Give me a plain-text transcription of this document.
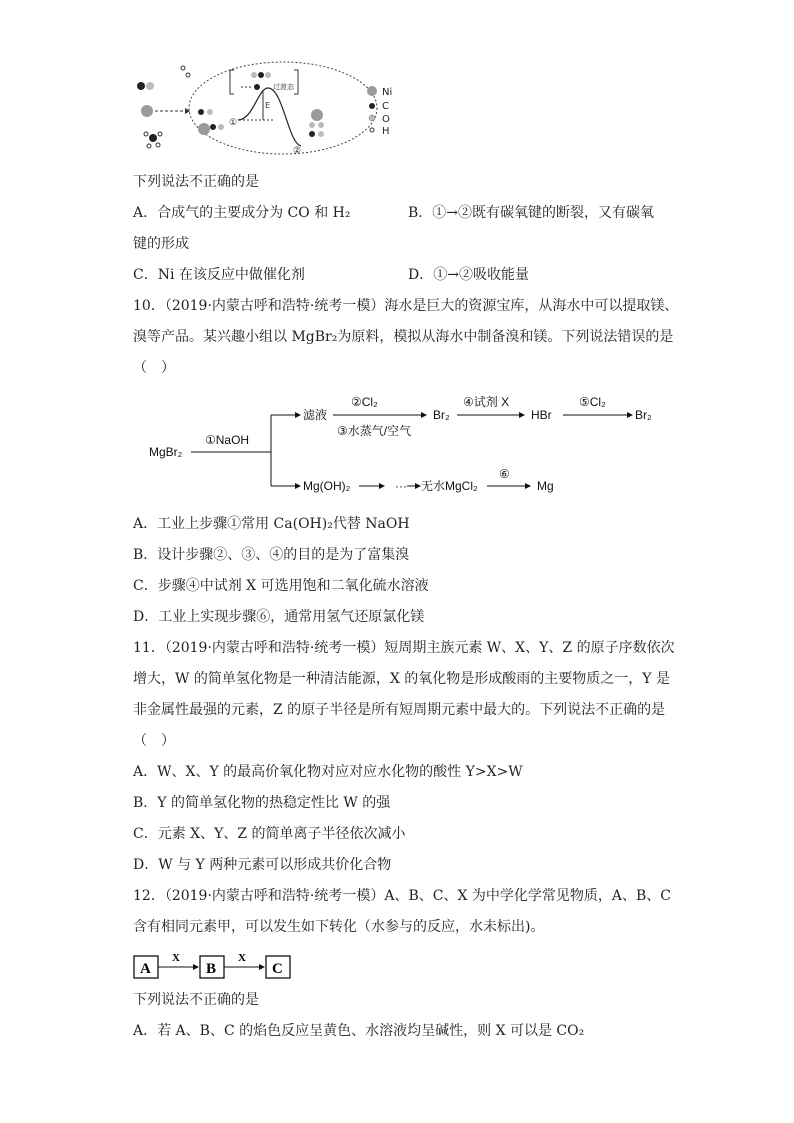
过渡态
E
①
②
Ni
C
O
H
下列说法不正确的是
A．合成气的主要成分为 CO 和 H₂	B．①→②既有碳氧键的断裂，又有碳氧
键的形成
C．Ni 在该反应中做催化剂	D．①→②吸收能量
10．（2019·内蒙古呼和浩特·统考一模）海水是巨大的资源宝库，从海水中可以提取镁、
溴等产品。某兴趣小组以 MgBr₂为原料，模拟从海水中制备溴和镁。下列说法错误的是
（　）
MgBr₂
①NaOH
滤液
②Cl₂
③水蒸气/空气
Br₂
④试剂 X
HBr
⑤Cl₂
Br₂
Mg(OH)₂	··· 无水MgCl₂
⑥
Mg
A．工业上步骤①常用 Ca(OH)₂代替 NaOH
B．设计步骤②、③、④的目的是为了富集溴
C．步骤④中试剂 X 可选用饱和二氧化硫水溶液
D．工业上实现步骤⑥，通常用氢气还原氯化镁
11．（2019·内蒙古呼和浩特·统考一模）短周期主族元素 W、X、Y、Z 的原子序数依次
增大，W 的简单氢化物是一种清洁能源，X 的氧化物是形成酸雨的主要物质之一，Y 是
非金属性最强的元素，Z 的原子半径是所有短周期元素中最大的。下列说法不正确的是
（　）
A．W、X、Y 的最高价氧化物对应对应水化物的酸性 Y>X>W
B．Y 的简单氢化物的热稳定性比 W 的强
C．元素 X、Y、Z 的简单离子半径依次减小
D．W 与 Y 两种元素可以形成共价化合物
12．（2019·内蒙古呼和浩特·统考一模）A、B、C、X 为中学化学常见物质，A、B、C
含有相同元素甲，可以发生如下转化（水参与的反应，水未标出)。
A
X
B
X
C
下列说法不正确的是
A．若 A、B、C 的焰色反应呈黄色、水溶液均呈碱性，则 X 可以是 CO₂
